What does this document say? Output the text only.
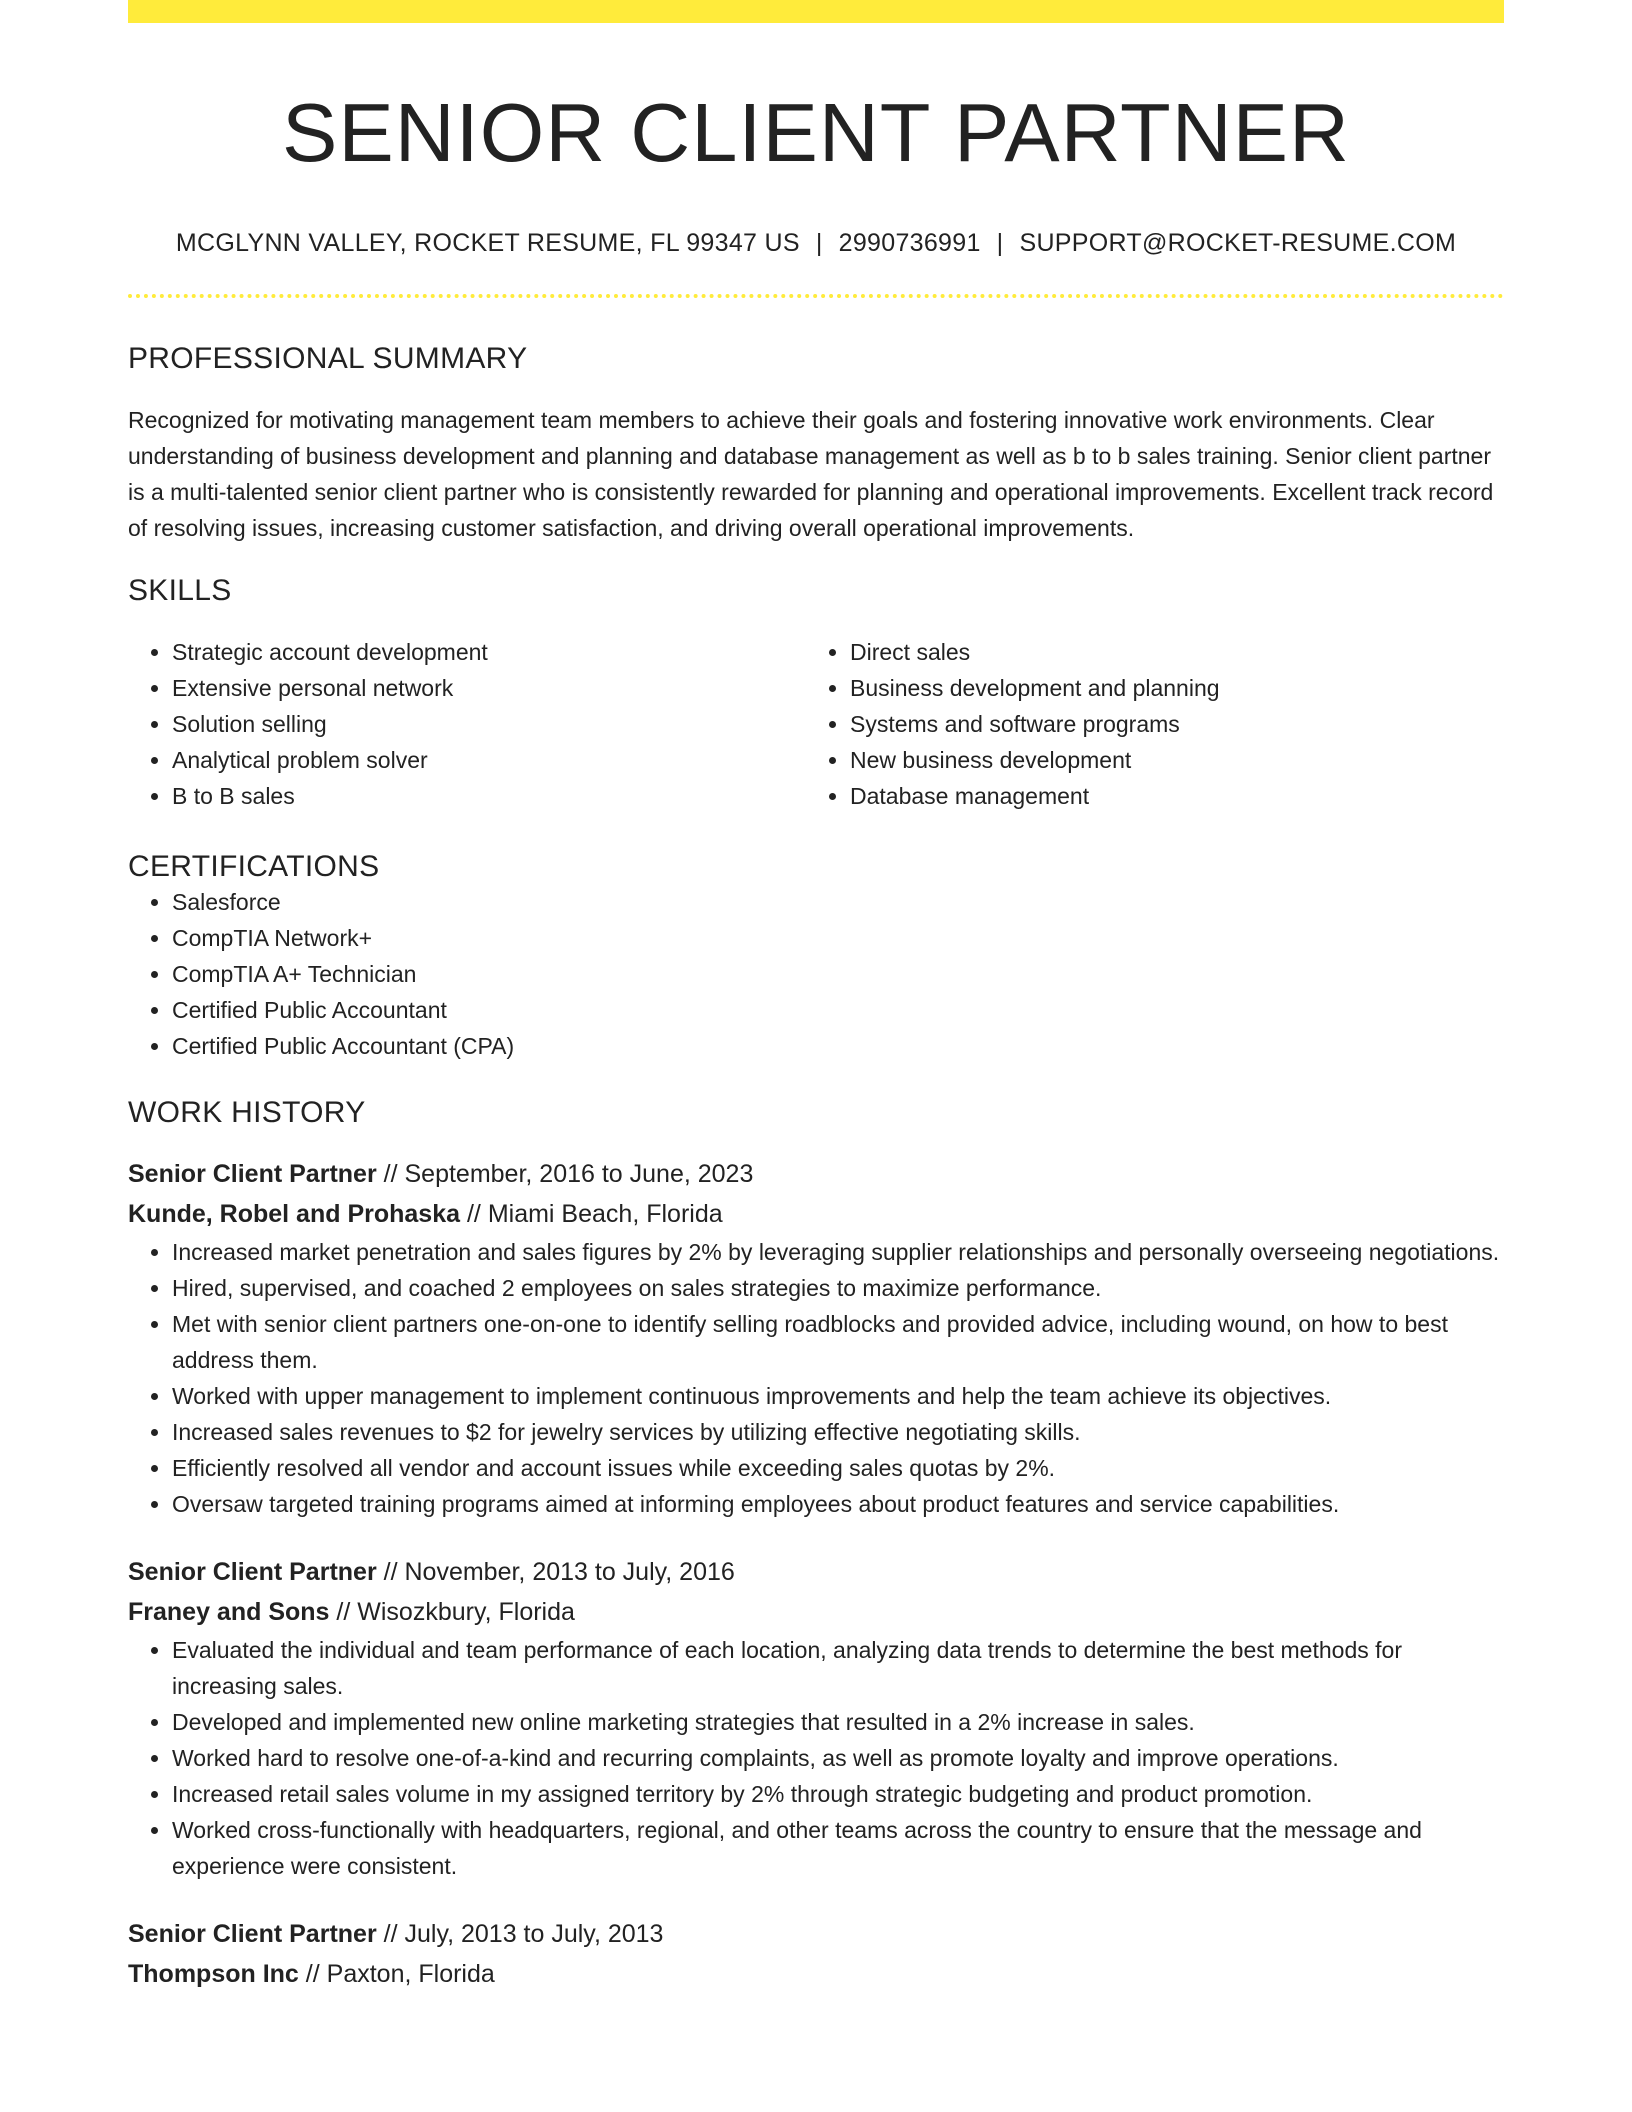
SENIOR CLIENT PARTNER
MCGLYNN VALLEY, ROCKET RESUME, FL 99347 US | 2990736991 | SUPPORT@ROCKET-RESUME.COM
PROFESSIONAL SUMMARY
Recognized for motivating management team members to achieve their goals and fostering innovative work environments. Clear understanding of business development and planning and database management as well as b to b sales training. Senior client partner is a multi-talented senior client partner who is consistently rewarded for planning and operational improvements. Excellent track record of resolving issues, increasing customer satisfaction, and driving overall operational improvements.
SKILLS
• Strategic account development
• Extensive personal network
• Solution selling
• Analytical problem solver
• B to B sales
• Direct sales
• Business development and planning
• Systems and software programs
• New business development
• Database management
CERTIFICATIONS
• Salesforce
• CompTIA Network+
• CompTIA A+ Technician
• Certified Public Accountant
• Certified Public Accountant (CPA)
WORK HISTORY
Senior Client Partner // September, 2016 to June, 2023
Kunde, Robel and Prohaska // Miami Beach, Florida
• Increased market penetration and sales figures by 2% by leveraging supplier relationships and personally overseeing negotiations.
• Hired, supervised, and coached 2 employees on sales strategies to maximize performance.
• Met with senior client partners one-on-one to identify selling roadblocks and provided advice, including wound, on how to best address them.
• Worked with upper management to implement continuous improvements and help the team achieve its objectives.
• Increased sales revenues to $2 for jewelry services by utilizing effective negotiating skills.
• Efficiently resolved all vendor and account issues while exceeding sales quotas by 2%.
• Oversaw targeted training programs aimed at informing employees about product features and service capabilities.
Senior Client Partner // November, 2013 to July, 2016
Franey and Sons // Wisozkbury, Florida
• Evaluated the individual and team performance of each location, analyzing data trends to determine the best methods for increasing sales.
• Developed and implemented new online marketing strategies that resulted in a 2% increase in sales.
• Worked hard to resolve one-of-a-kind and recurring complaints, as well as promote loyalty and improve operations.
• Increased retail sales volume in my assigned territory by 2% through strategic budgeting and product promotion.
• Worked cross-functionally with headquarters, regional, and other teams across the country to ensure that the message and experience were consistent.
Senior Client Partner // July, 2013 to July, 2013
Thompson Inc // Paxton, Florida
